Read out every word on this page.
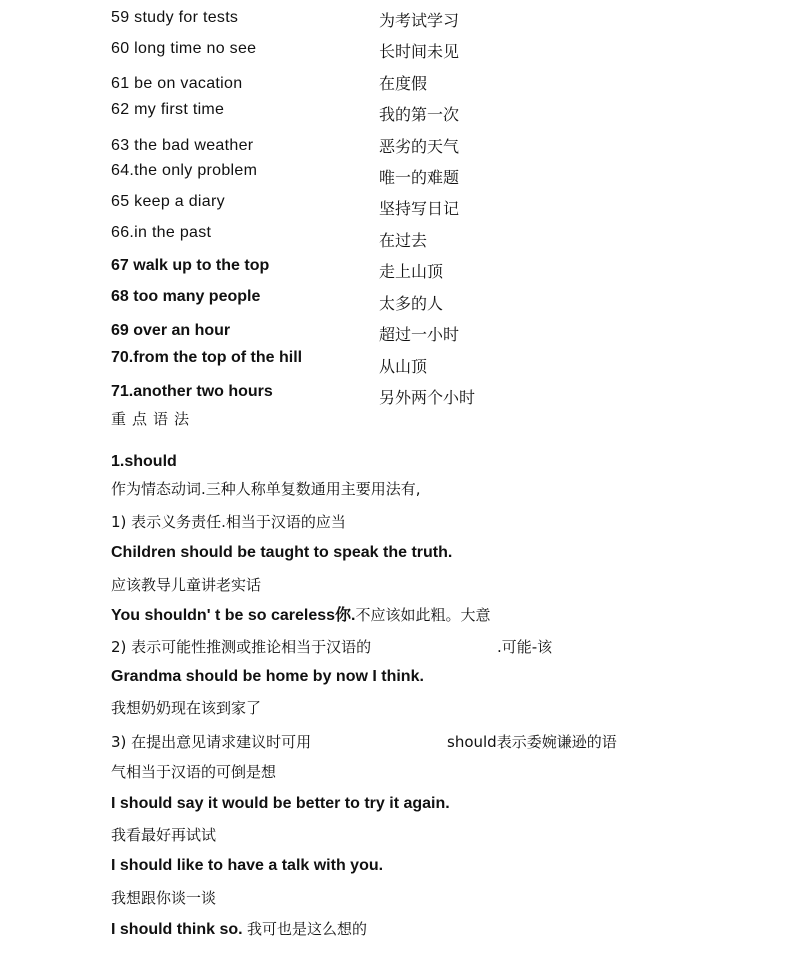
59 study for tests	为考试学习
60 long time no see	长时间未见
61 be on vacation	在度假
62 my first time	我的第一次
63 the bad weather	恶劣的天气
64.the only problem	唯一的难题
65 keep a diary	坚持写日记
66.in the past	在过去
67 walk up to the top	走上山顶
68 too many people	太多的人
69 over an hour	超过一小时
70.from the top of the hill	从山顶
71.another two hours	另外两个小时
重点语法
1.should
作为情态动词.三种人称单复数通用主要用法有,
1) 表示义务责任.相当于汉语的应当
Children should be taught to speak the truth.
应该教导儿童讲老实话
You shouldn' t be so careless你.不应该如此粗。大意
2) 表示可能性推测或推论相当于汉语的	.可能-该
Grandma should be home by now I think.
我想奶奶现在该到家了
3) 在提出意见请求建议时可用	should表示委婉谦逊的语
气相当于汉语的可倒是想
I should say it would be better to try it again.
我看最好再试试
I should like to have a talk with you.
我想跟你谈一谈
I should think so. 我可也是这么想的
